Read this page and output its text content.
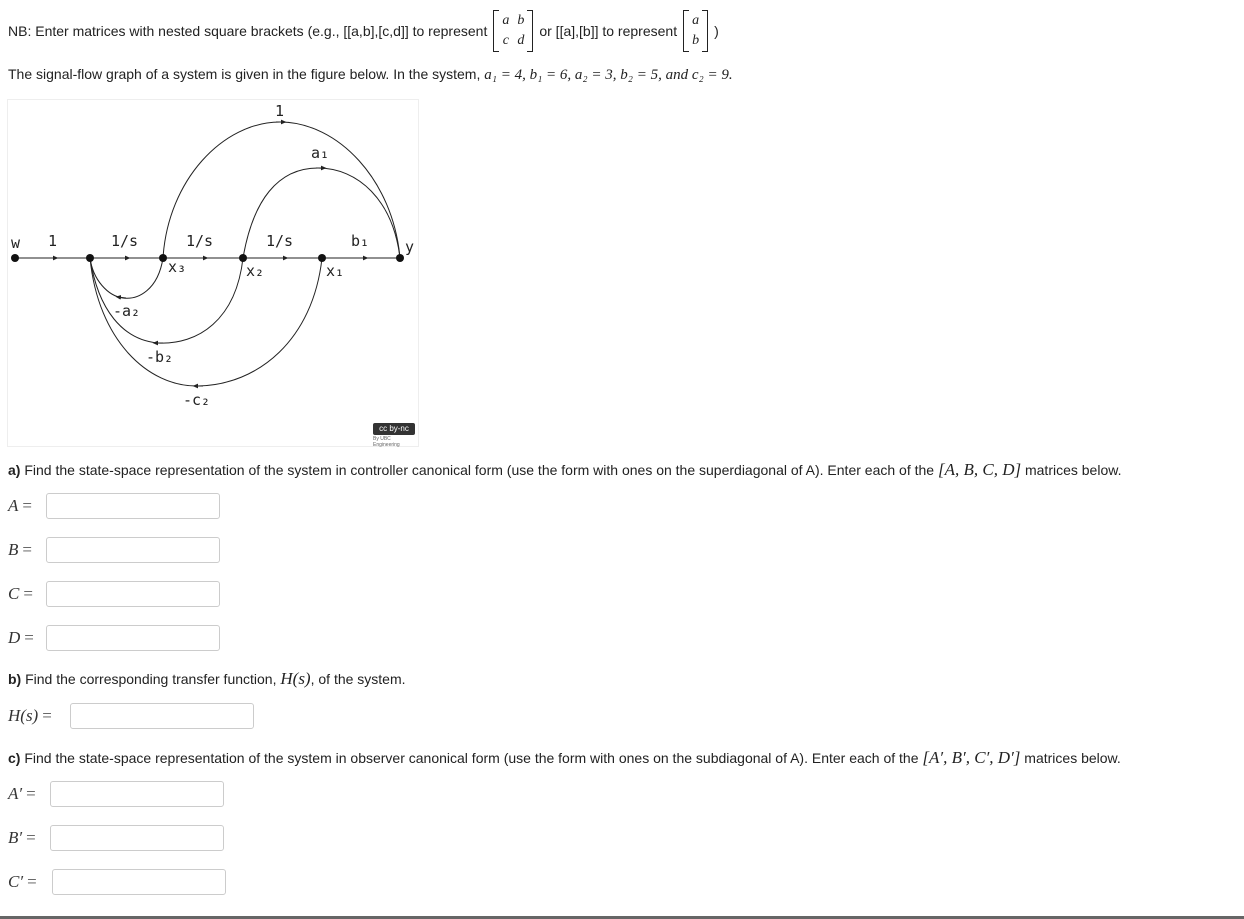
NB: Enter matrices with nested square brackets (e.g., [[a,b],[c,d]] to represent
a b
c d
or [[a],[b]] to represent
a
b
)
The signal-flow graph of a system is given in the figure below. In the system, a₁ = 4, b₁ = 6, a₂ = 3, b₂ = 5, and c₂ = 9.
w 1	1/s	1/s	1/s	b₁ y
1
a₁
x₃	x₂	x₁
-a₂
-b₂
-c₂
cc by-nc
By UBC Engineering
a) Find the state-space representation of the system in controller canonical form (use the form with ones on the superdiagonal of A). Enter each of the [A, B, C, D] matrices below.
A =
B =
C =
D =
b) Find the corresponding transfer function, H(s), of the system.
H(s) =
c) Find the state-space representation of the system in observer canonical form (use the form with ones on the subdiagonal of A). Enter each of the [A′, B′, C′, D′] matrices below.
A′ =
B′ =
C′ =
